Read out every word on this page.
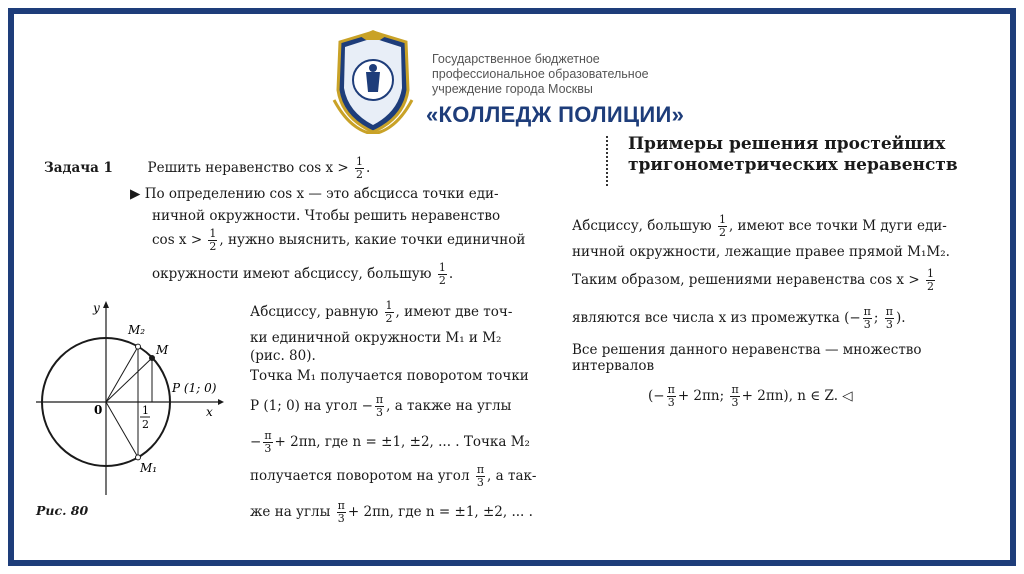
Государственное бюджетное
профессиональное образовательное
учреждение города Москвы
«КОЛЛЕДЖ ПОЛИЦИИ»
Примеры решения простейших
тригонометрических неравенств
Задача 1	Решить неравенство $\cos x > \frac{1}{2}$ .
▶ По определению cos x — это абсцисса точки еди-
ничной окружности. Чтобы решить неравенство
$\cos x > \frac{1}{2}$ , нужно выяснить, какие точки единичной
окружности имеют абсциссу, большую $\frac{1}{2}$ .
Абсциссу, равную $\frac{1}{2}$ , имеют две точ-
ки единичной окружности M₁ и M₂
(рис. 80).
Точка M₁ получается поворотом точки
P (1; 0) на угол − $\frac{\pi}{3}$ , а также на углы
− $\frac{\pi}{3} + 2\pi n$, где n = ±1, ±2, ... . Точка M₂
получается поворотом на угол $\frac{\pi}{3}$ , а так-
же на углы $\frac{\pi}{3} + 2\pi n$, где n = ±1, ±2, ... .
y
x
0
M₂
M
P (1; 0)
M₁
1
2
Рис. 80
Абсциссу, большую $\frac{1}{2}$ , имеют все точки M дуги еди-
ничной окружности, лежащие правее прямой M₁M₂.
Таким образом, решениями неравенства $\cos x > \frac{1}{2}$
являются все числа x из промежутка (− $\frac{\pi}{3}$ ; $\frac{\pi}{3}$ ).
Все решения данного неравенства — множество
интервалов
(− $\frac{\pi}{3} + 2\pi n$; $\frac{\pi}{3} + 2\pi n$), n ∈ Z. ◁
